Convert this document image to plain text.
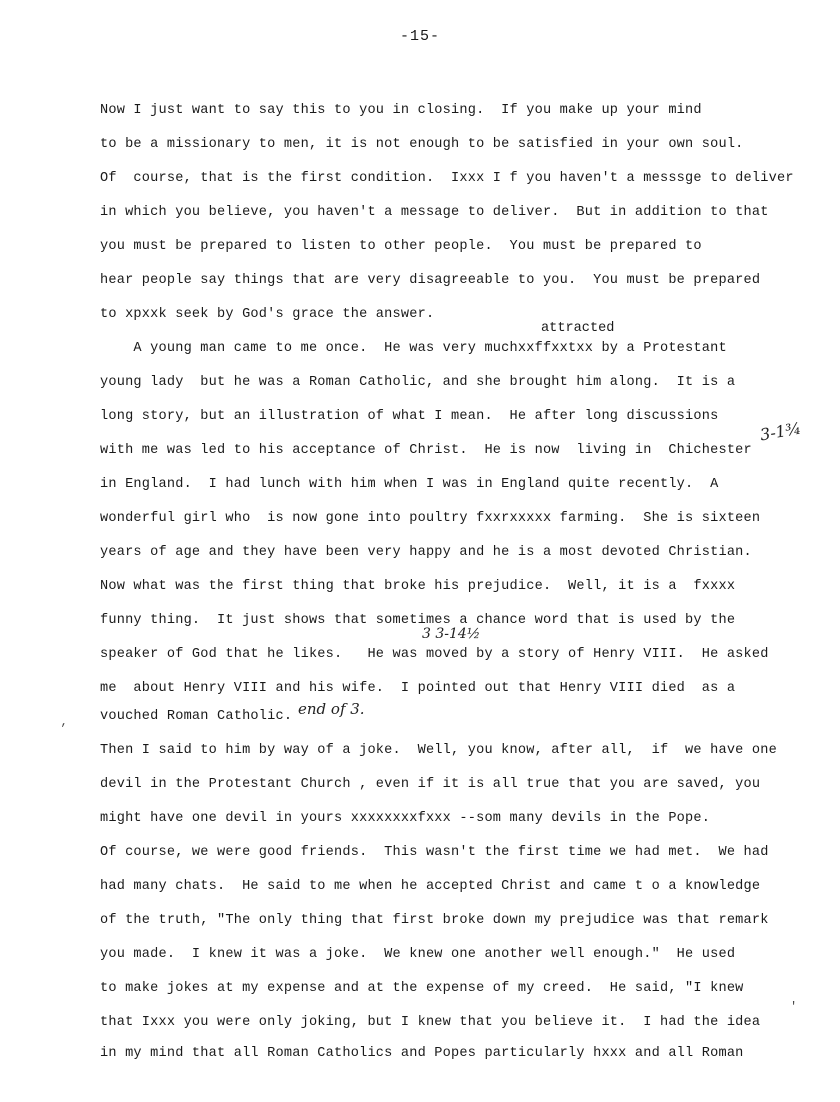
-15-
Now I just want to say this to you in closing.  If you make up your mind
to be a missionary to men, it is not enough to be satisfied in your own soul.
Of  course, that is the first condition.  Ixxx I f you haven't a messsge to deliver
in which you believe, you haven't a message to deliver.  But in addition to that
you must be prepared to listen to other people.  You must be prepared to
hear people say things that are very disagreeable to you.  You must be prepared
to xpxxk seek by God's grace the answer.
A young man came to me once.  He was very muchxxffxxtxx by a Protestant
young lady  but he was a Roman Catholic, and she brought him along.  It is a
long story, but an illustration of what I mean.  He after long discussions
with me was led to his acceptance of Christ.  He is now  living in  Chichester
in England.  I had lunch with him when I was in England quite recently.  A
wonderful girl who  is now gone into poultry fxxrxxxxx farming.  She is sixteen
years of age and they have been very happy and he is a most devoted Christian.
Now what was the first thing that broke his prejudice.  Well, it is a  fxxxx
funny thing.  It just shows that sometimes a chance word that is used by the
speaker of God that he likes.   He was moved by a story of Henry VIII.  He asked
me  about Henry VIII and his wife.  I pointed out that Henry VIII died  as a
vouched Roman Catholic.
Then I said to him by way of a joke.  Well, you know, after all,  if  we have one
devil in the Protestant Church , even if it is all true that you are saved, you
might have one devil in yours xxxxxxxxfxxx --som many devils in the Pope.
Of course, we were good friends.  This wasn't the first time we had met.  We had
had many chats.  He said to me when he accepted Christ and came t o a knowledge
of the truth, "The only thing that first broke down my prejudice was that remark
you made.  I knew it was a joke.  We knew one another well enough."  He used
to make jokes at my expense and at the expense of my creed.  He said, "I knew
that Ixxx you were only joking, but I knew that you believe it.  I had the idea
in my mind that all Roman Catholics and Popes particularly hxxx and all Roman
attracted
3-1¾
3 3-14½
end of 3.
‚
'
